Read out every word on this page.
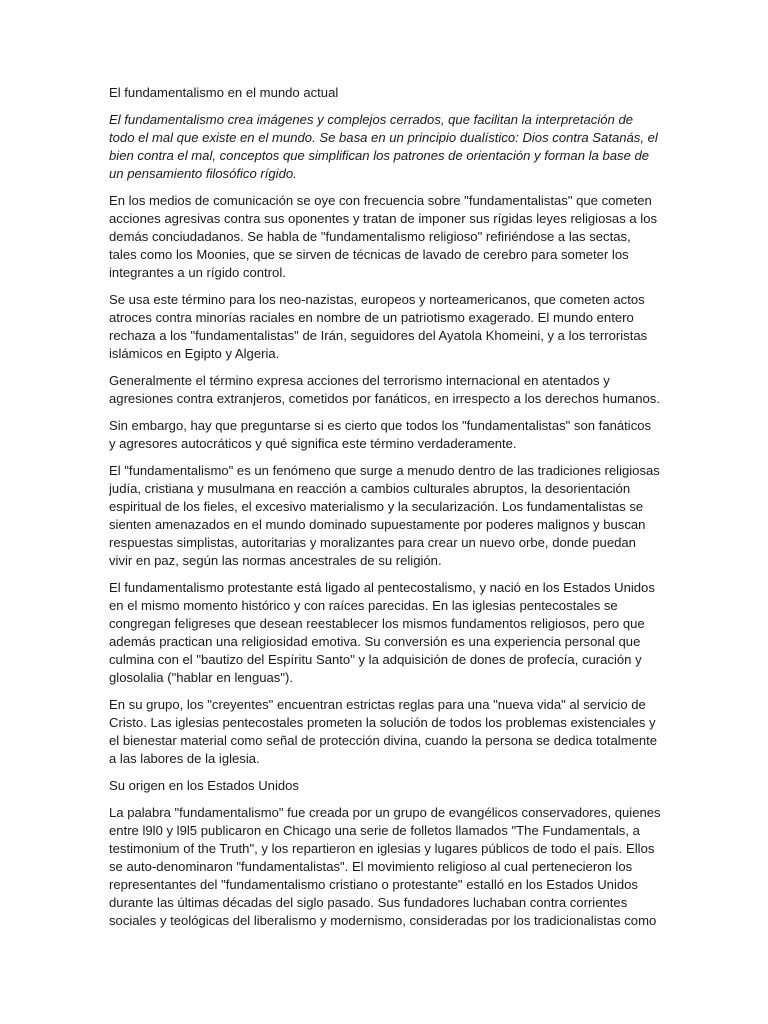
El fundamentalismo en el mundo actual

El fundamentalismo crea imágenes y complejos cerrados, que facilitan la interpretación de todo el mal que existe en el mundo. Se basa en un principio dualístico: Dios contra Satanás, el bien contra el mal, conceptos que simplifican los patrones de orientación y forman la base de un pensamiento filosófico rígido.

En los medios de comunicación se oye con frecuencia sobre "fundamentalistas" que cometen acciones agresivas contra sus oponentes y tratan de imponer sus rígidas leyes religiosas a los demás conciudadanos. Se habla de "fundamentalismo religioso" refiriéndose a las sectas, tales como los Moonies, que se sirven de técnicas de lavado de cerebro para someter los integrantes a un rígido control.

Se usa este término para los neo-nazistas, europeos y norteamericanos, que cometen actos atroces contra minorías raciales en nombre de un patriotismo exagerado. El mundo entero rechaza a los "fundamentalistas" de Irán, seguidores del Ayatola Khomeini, y a los terroristas islámicos en Egipto y Algeria.

Generalmente el término expresa acciones del terrorismo internacional en atentados y agresiones contra extranjeros, cometidos por fanáticos, en irrespecto a los derechos humanos.

Sin embargo, hay que preguntarse si es cierto que todos los "fundamentalistas" son fanáticos y agresores autocráticos y qué significa este término verdaderamente.

El "fundamentalismo" es un fenómeno que surge a menudo dentro de las tradiciones religiosas judía, cristiana y musulmana en reacción a cambios culturales abruptos, la desorientación espiritual de los fieles, el excesivo materialismo y la secularización. Los fundamentalistas se sienten amenazados en el mundo dominado supuestamente por poderes malignos y buscan respuestas simplistas, autoritarias y moralizantes para crear un nuevo orbe, donde puedan vivir en paz, según las normas ancestrales de su religión.

El fundamentalismo protestante está ligado al pentecostalismo, y nació en los Estados Unidos en el mismo momento histórico y con raíces parecidas. En las iglesias pentecostales se congregan feligreses que desean reestablecer los mismos fundamentos religiosos, pero que además practican una religiosidad emotiva. Su conversión es una experiencia personal que culmina con el "bautizo del Espíritu Santo" y la adquisición de dones de profecía, curación y glosolalia ("hablar en lenguas").

En su grupo, los "creyentes" encuentran estrictas reglas para una "nueva vida" al servicio de Cristo. Las iglesias pentecostales prometen la solución de todos los problemas existenciales y el bienestar material como señal de protección divina, cuando la persona se dedica totalmente a las labores de la iglesia.

Su origen en los Estados Unidos

La palabra "fundamentalismo" fue creada por un grupo de evangélicos conservadores, quienes entre l9l0 y l9l5 publicaron en Chicago una serie de folletos llamados "The Fundamentals, a testimonium of the Truth", y los repartieron en iglesias y lugares públicos de todo el país. Ellos se auto-denominaron "fundamentalistas". El movimiento religioso al cual pertenecieron los representantes del "fundamentalismo cristiano o protestante" estalló en los Estados Unidos durante las últimas décadas del siglo pasado. Sus fundadores luchaban contra corrientes sociales y teológicas del liberalismo y modernismo, consideradas por los tradicionalistas como
